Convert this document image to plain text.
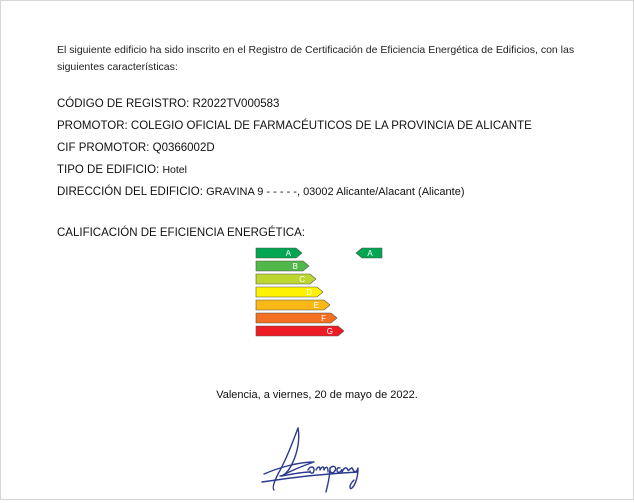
El siguiente edificio ha sido inscrito en el Registro de Certificación de Eficiencia Energética de Edificios, con las
siguientes características:
CÓDIGO DE REGISTRO: R2022TV000583
PROMOTOR: COLEGIO OFICIAL DE FARMACÉUTICOS DE LA PROVINCIA DE ALICANTE
CIF PROMOTOR: Q0366002D
TIPO DE EDIFICIO: Hotel
DIRECCIÓN DEL EDIFICIO: GRAVINA 9 - - - - -, 03002 Alicante/Alacant (Alicante)
CALIFICACIÓN DE EFICIENCIA ENERGÉTICA:
A
B
C
D
E
F
G
A
Valencia, a viernes, 20 de mayo de 2022.
